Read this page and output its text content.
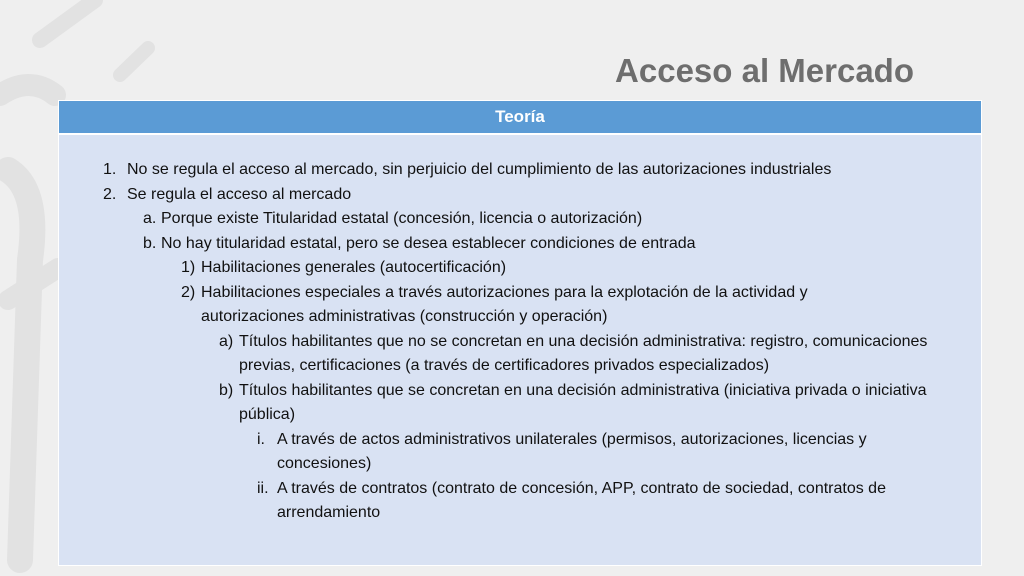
Acceso al Mercado
Teoría
1. No se regula el acceso al mercado, sin perjuicio del cumplimiento de las autorizaciones industriales
2. Se regula el acceso al mercado
a. Porque existe Titularidad estatal (concesión, licencia o autorización)
b. No hay titularidad estatal, pero se desea establecer condiciones de entrada
1) Habilitaciones generales (autocertificación)
2) Habilitaciones especiales a través autorizaciones para la explotación de la actividad y autorizaciones administrativas (construcción y operación)
a) Títulos habilitantes que no se concretan en una decisión administrativa: registro, comunicaciones previas, certificaciones (a través de certificadores privados especializados)
b) Títulos habilitantes que se concretan en una decisión administrativa (iniciativa privada o iniciativa pública)
i. A través de actos administrativos unilaterales (permisos, autorizaciones, licencias y concesiones)
ii. A través de contratos (contrato de concesión, APP, contrato de sociedad, contratos de arrendamiento
